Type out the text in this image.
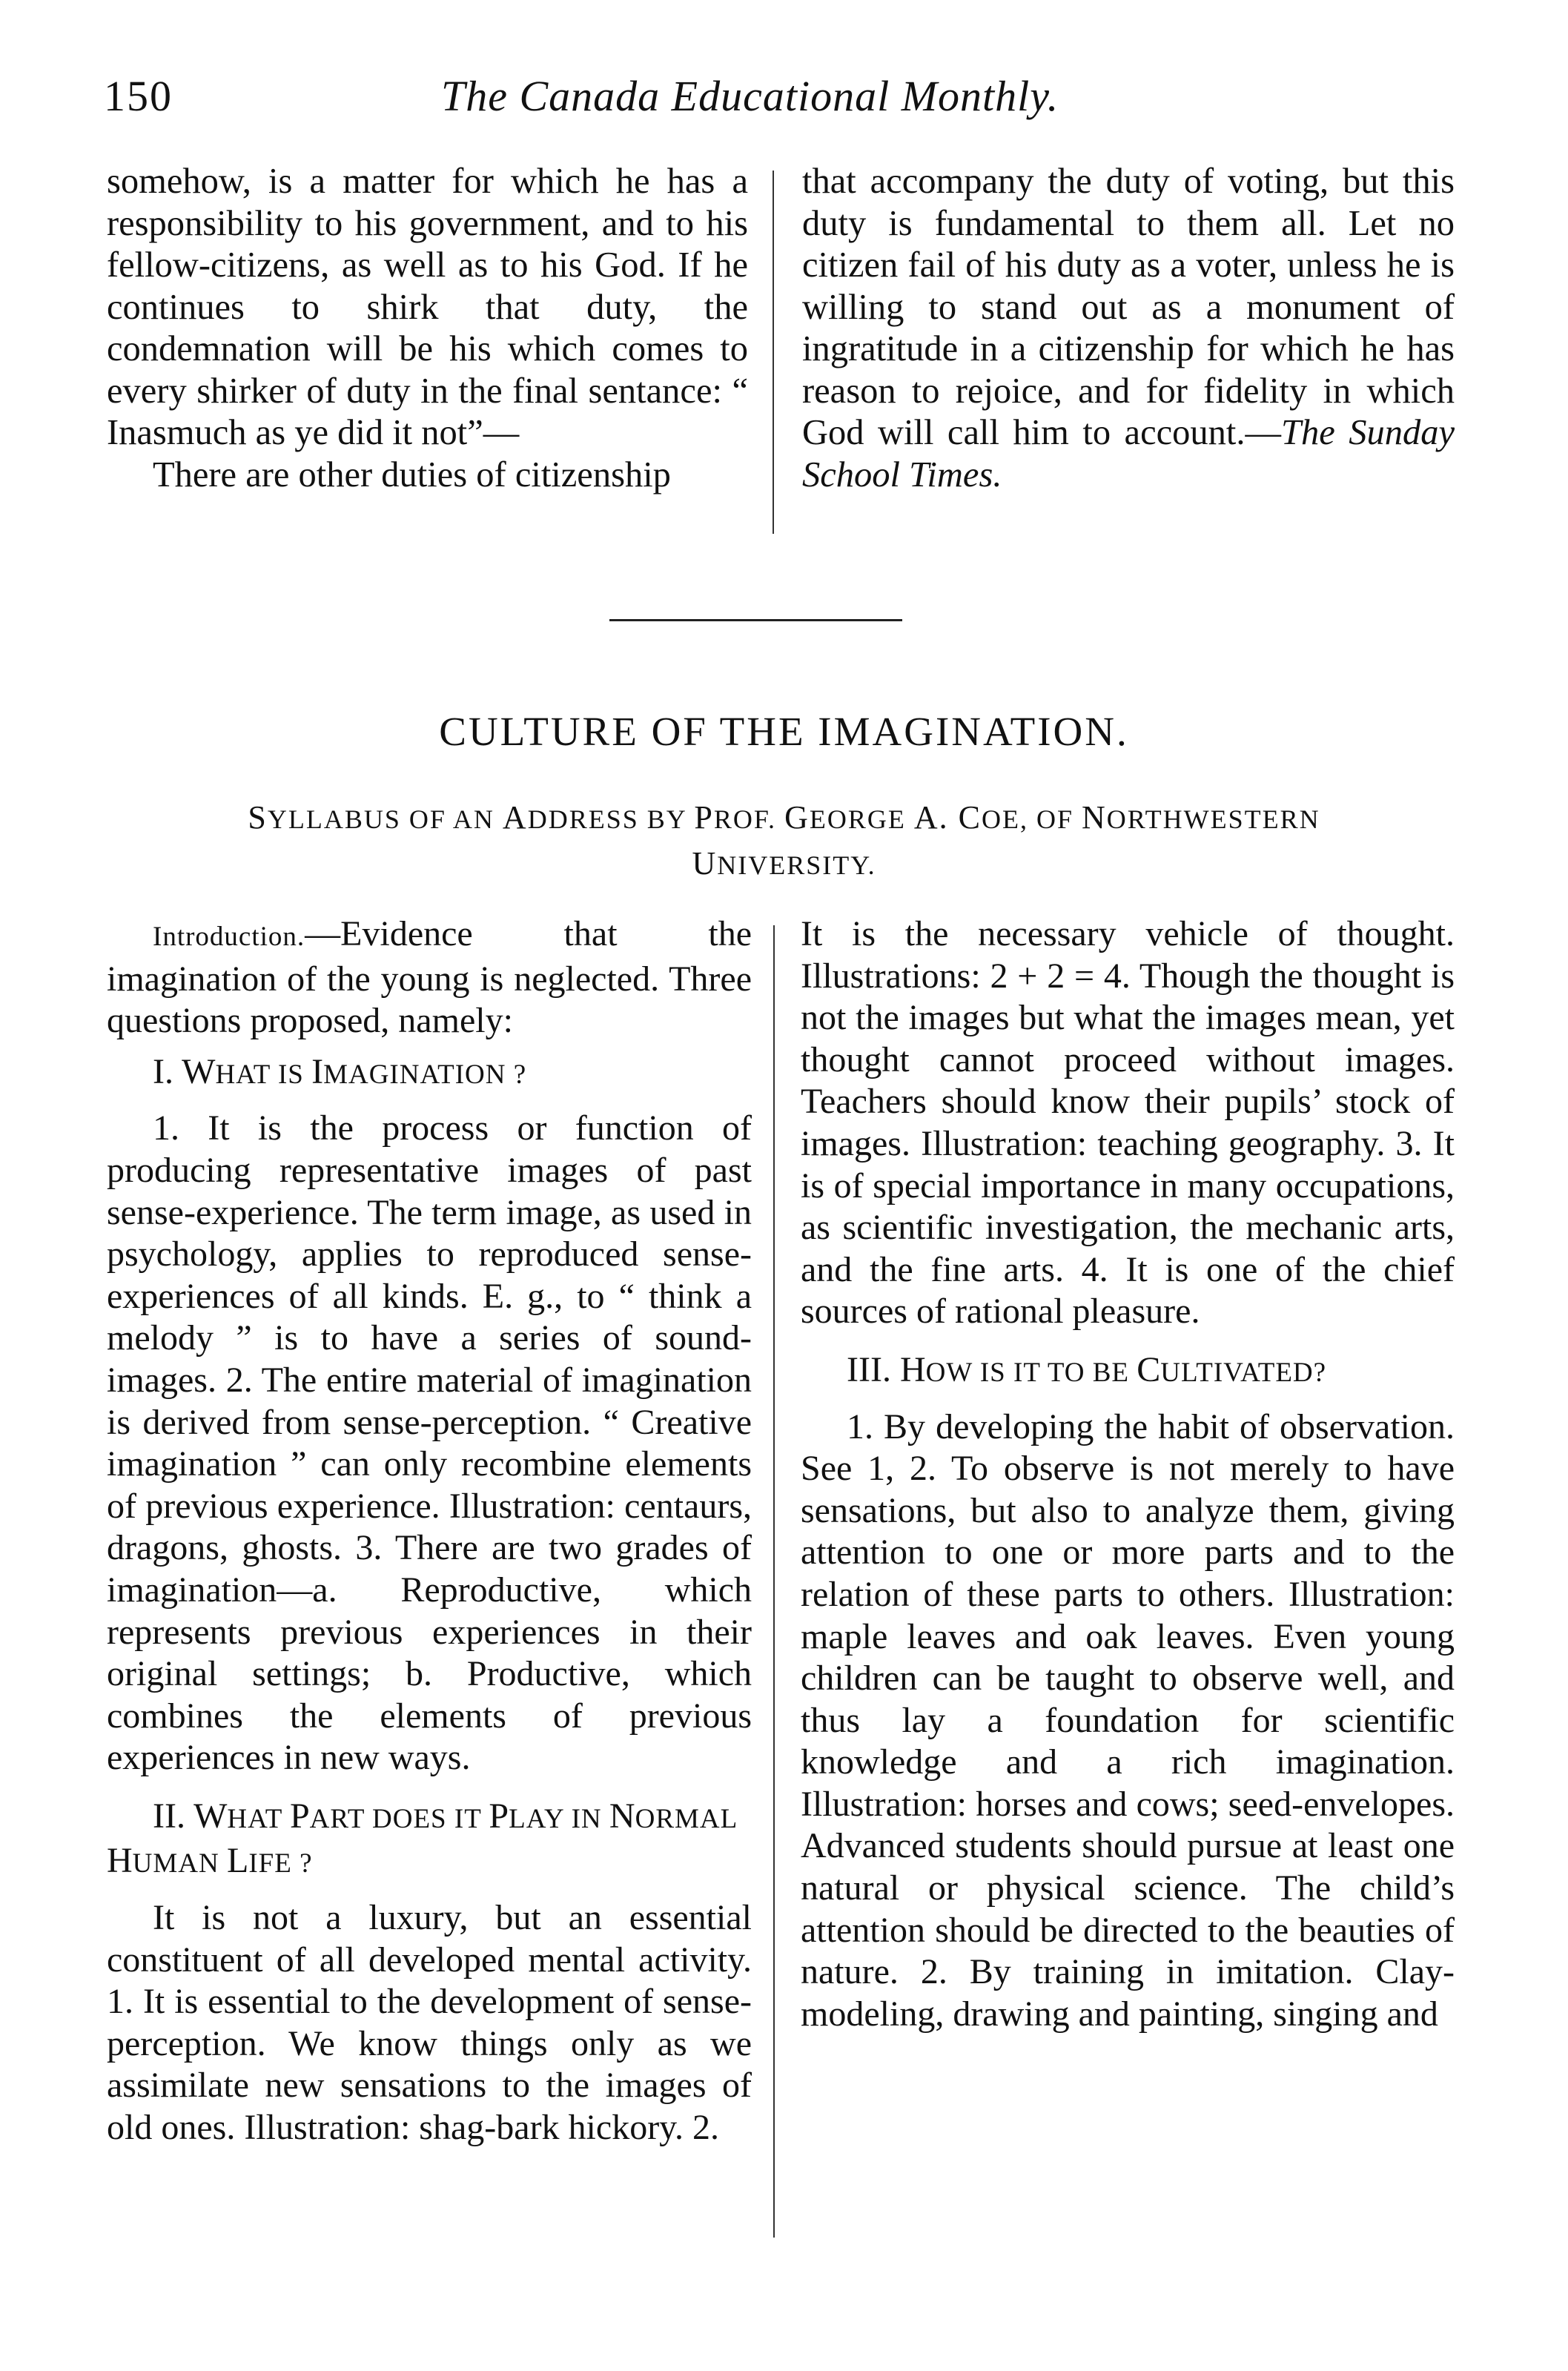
150	The Canada Educational Monthly.

somehow, is a matter for which he has a responsibility to his government, and to his fellow-citizens, as well as to his God. If he continues to shirk that duty, the condemnation will be his which comes to every shirker of duty in the final sentance: “ Inasmuch as ye did it not”—

There are other duties of citizenship

that accompany the duty of voting, but this duty is fundamental to them all. Let no citizen fail of his duty as a voter, unless he is willing to stand out as a monument of ingratitude in a citizenship for which he has reason to rejoice, and for fidelity in which God will call him to account.—The Sunday School Times.

CULTURE OF THE IMAGINATION.
SYLLABUS OF AN ADDRESS BY PROF. GEORGE A. COE, OF NORTHWESTERN
UNIVERSITY.

Introduction.—Evidence that the imagination of the young is neglected. Three questions proposed, namely:

I. WHAT IS IMAGINATION ?

1. It is the process or function of producing representative images of past sense-experience. The term image, as used in psychology, applies to reproduced sense-experiences of all kinds. E. g., to “ think a melody ” is to have a series of sound-images. 2. The entire material of imagination is derived from sense-perception. “ Creative imagination ” can only recombine elements of previous experience. Illustration: centaurs, dragons, ghosts. 3. There are two grades of imagination—a. Reproductive, which represents previous experiences in their original settings; b. Productive, which combines the elements of previous experiences in new ways.

II. WHAT PART DOES IT PLAY IN NORMAL HUMAN LIFE ?

It is not a luxury, but an essential constituent of all developed mental activity. 1. It is essential to the development of sense-perception. We know things only as we assimilate new sensations to the images of old ones. Illustration: shag-bark hickory. 2.

It is the necessary vehicle of thought. Illustrations: 2 + 2 = 4. Though the thought is not the images but what the images mean, yet thought cannot proceed without images. Teachers should know their pupils’ stock of images. Illustration: teaching geography. 3. It is of special importance in many occupations, as scientific investigation, the mechanic arts, and the fine arts. 4. It is one of the chief sources of rational pleasure.

III. HOW IS IT TO BE CULTIVATED?

1. By developing the habit of observation. See 1, 2. To observe is not merely to have sensations, but also to analyze them, giving attention to one or more parts and to the relation of these parts to others. Illustration: maple leaves and oak leaves. Even young children can be taught to observe well, and thus lay a foundation for scientific knowledge and a rich imagination. Illustration: horses and cows; seed-envelopes. Advanced students should pursue at least one natural or physical science. The child’s attention should be directed to the beauties of nature. 2. By training in imitation. Clay-modeling, drawing and painting, singing and
